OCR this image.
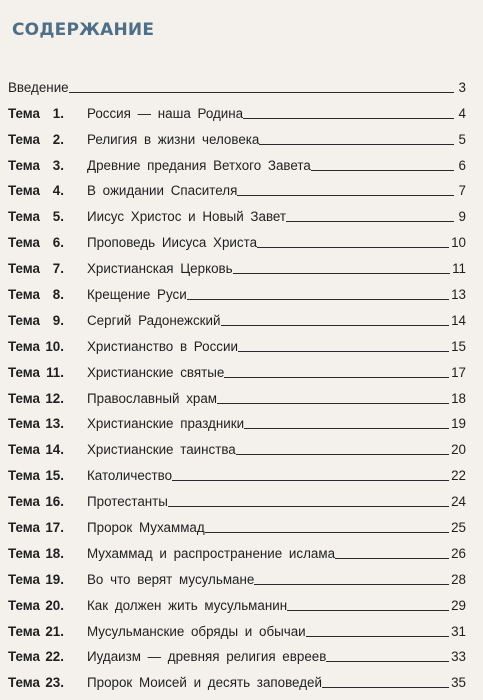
СОДЕРЖАНИЕ
Введение	3
Тема 1.	Россия — наша Родина	4
Тема 2.	Религия в жизни человека	5
Тема 3.	Древние предания Ветхого Завета	6
Тема 4.	В ожидании Спасителя	7
Тема 5.	Иисус Христос и Новый Завет	9
Тема 6.	Проповедь Иисуса Христа	10
Тема 7.	Христианская Церковь	11
Тема 8.	Крещение Руси	13
Тема 9.	Сергий Радонежский	14
Тема 10.	Христианство в России	15
Тема 11.	Христианские святые	17
Тема 12.	Православный храм	18
Тема 13.	Христианские праздники	19
Тема 14.	Христианские таинства	20
Тема 15.	Католичество	22
Тема 16.	Протестанты	24
Тема 17.	Пророк Мухаммад	25
Тема 18.	Мухаммад и распространение ислама	26
Тема 19.	Во что верят мусульмане	28
Тема 20.	Как должен жить мусульманин	29
Тема 21.	Мусульманские обряды и обычаи	31
Тема 22.	Иудаизм — древняя религия евреев	33
Тема 23.	Пророк Моисей и десять заповедей	35
